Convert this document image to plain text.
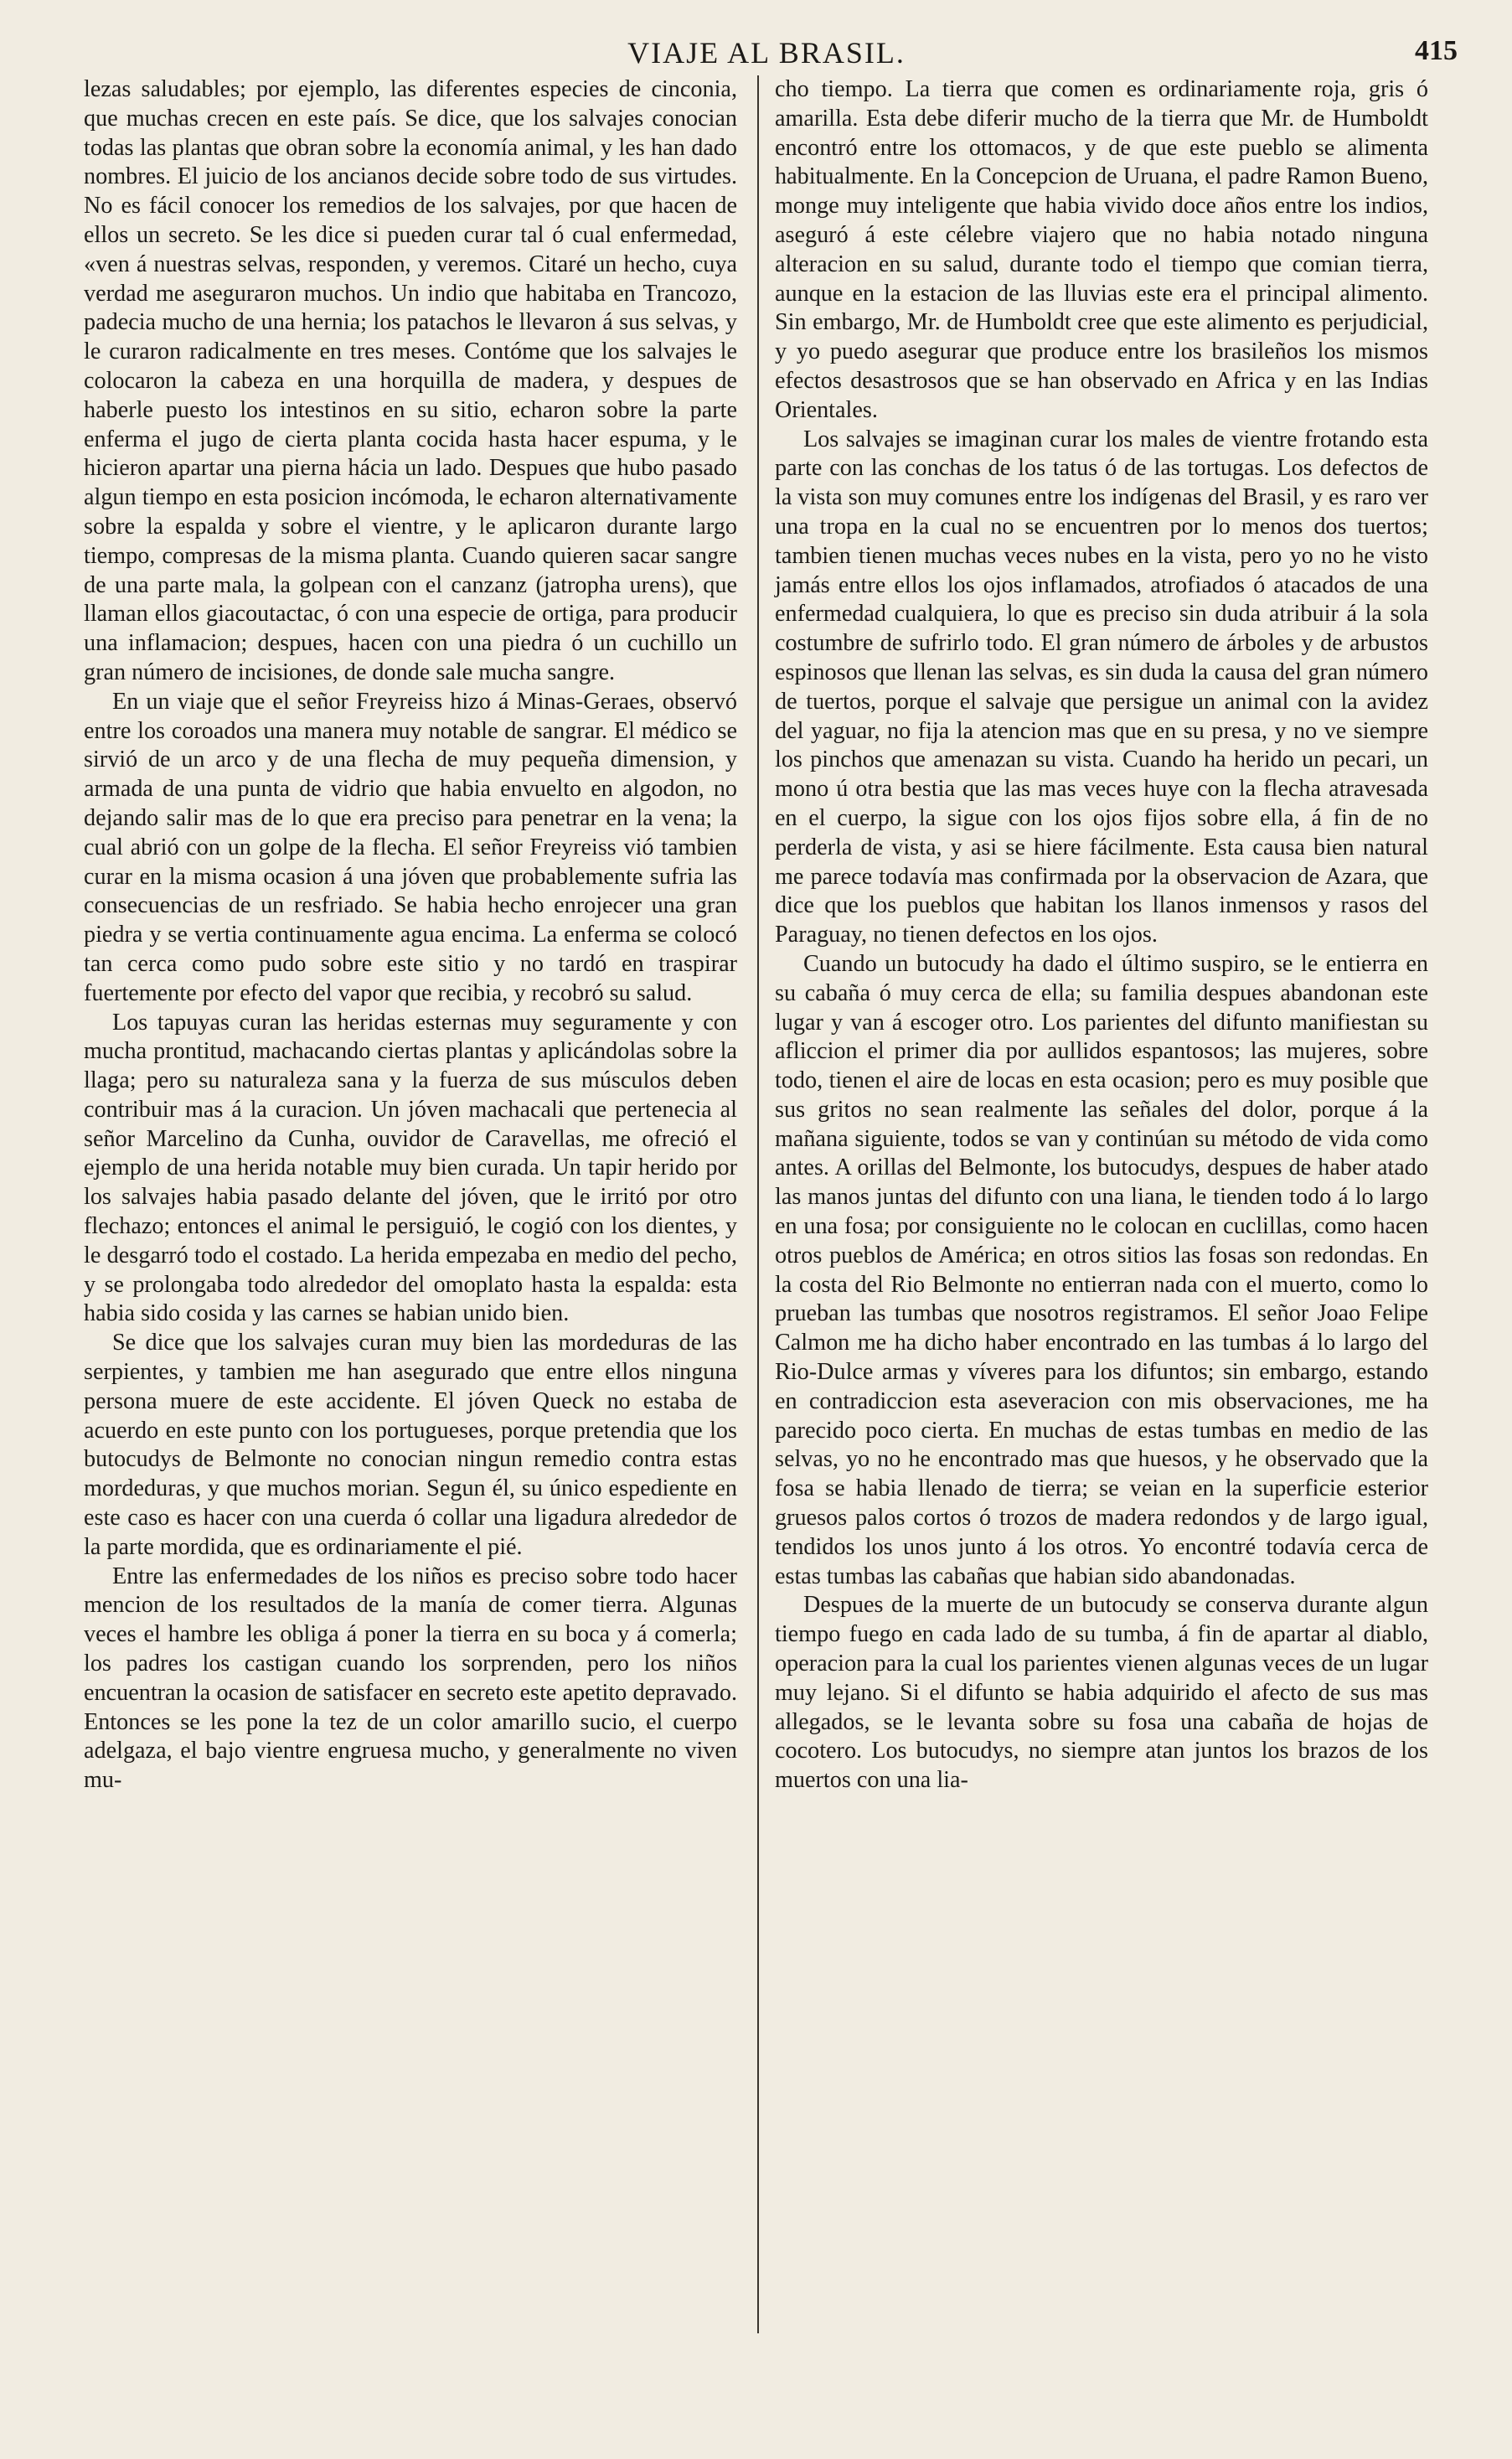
VIAJE AL BRASIL.	415

lezas saludables; por ejemplo, las diferentes especies de cinconia, que muchas crecen en este país. Se dice, que los salvajes conocian todas las plantas que obran sobre la economía animal, y les han dado nombres. El juicio de los ancianos decide sobre todo de sus virtudes. No es fácil conocer los remedios de los salvajes, por que hacen de ellos un secreto. Se les dice si pueden curar tal ó cual enfermedad, «ven á nuestras selvas, responden, y veremos. Citaré un hecho, cuya verdad me aseguraron muchos. Un indio que habitaba en Trancozo, padecia mucho de una hernia; los patachos le llevaron á sus selvas, y le curaron radicalmente en tres meses. Contóme que los salvajes le colocaron la cabeza en una horquilla de madera, y despues de haberle puesto los intestinos en su sitio, echaron sobre la parte enferma el jugo de cierta planta cocida hasta hacer espuma, y le hicieron apartar una pierna hácia un lado. Despues que hubo pasado algun tiempo en esta posicion incómoda, le echaron alternativamente sobre la espalda y sobre el vientre, y le aplicaron durante largo tiempo, compresas de la misma planta. Cuando quieren sacar sangre de una parte mala, la golpean con el canzanz (jatropha urens), que llaman ellos giacoutactac, ó con una especie de ortiga, para producir una inflamacion; despues, hacen con una piedra ó un cuchillo un gran número de incisiones, de donde sale mucha sangre.

En un viaje que el señor Freyreiss hizo á Minas-Geraes, observó entre los coroados una manera muy notable de sangrar. El médico se sirvió de un arco y de una flecha de muy pequeña dimension, y armada de una punta de vidrio que habia envuelto en algodon, no dejando salir mas de lo que era preciso para penetrar en la vena; la cual abrió con un golpe de la flecha. El señor Freyreiss vió tambien curar en la misma ocasion á una jóven que probablemente sufria las consecuencias de un resfriado. Se habia hecho enrojecer una gran piedra y se vertia continuamente agua encima. La enferma se colocó tan cerca como pudo sobre este sitio y no tardó en traspirar fuertemente por efecto del vapor que recibia, y recobró su salud.

Los tapuyas curan las heridas esternas muy seguramente y con mucha prontitud, machacando ciertas plantas y aplicándolas sobre la llaga; pero su naturaleza sana y la fuerza de sus músculos deben contribuir mas á la curacion. Un jóven machacali que pertenecia al señor Marcelino da Cunha, ouvidor de Caravellas, me ofreció el ejemplo de una herida notable muy bien curada. Un tapir herido por los salvajes habia pasado delante del jóven, que le irritó por otro flechazo; entonces el animal le persiguió, le cogió con los dientes, y le desgarró todo el costado. La herida empezaba en medio del pecho, y se prolongaba todo alrededor del omoplato hasta la espalda: esta habia sido cosida y las carnes se habian unido bien.

Se dice que los salvajes curan muy bien las mordeduras de las serpientes, y tambien me han asegurado que entre ellos ninguna persona muere de este accidente. El jóven Queck no estaba de acuerdo en este punto con los portugueses, porque pretendia que los butocudys de Belmonte no conocian ningun remedio contra estas mordeduras, y que muchos morian. Segun él, su único espediente en este caso es hacer con una cuerda ó collar una ligadura alrededor de la parte mordida, que es ordinariamente el pié.

Entre las enfermedades de los niños es preciso sobre todo hacer mencion de los resultados de la manía de comer tierra. Algunas veces el hambre les obliga á poner la tierra en su boca y á comerla; los padres los castigan cuando los sorprenden, pero los niños encuentran la ocasion de satisfacer en secreto este apetito depravado. Entonces se les pone la tez de un color amarillo sucio, el cuerpo adelgaza, el bajo vientre engruesa mucho, y generalmente no viven mu-

cho tiempo. La tierra que comen es ordinariamente roja, gris ó amarilla. Esta debe diferir mucho de la tierra que Mr. de Humboldt encontró entre los ottomacos, y de que este pueblo se alimenta habitualmente. En la Concepcion de Uruana, el padre Ramon Bueno, monge muy inteligente que habia vivido doce años entre los indios, aseguró á este célebre viajero que no habia notado ninguna alteracion en su salud, durante todo el tiempo que comian tierra, aunque en la estacion de las lluvias este era el principal alimento. Sin embargo, Mr. de Humboldt cree que este alimento es perjudicial, y yo puedo asegurar que produce entre los brasileños los mismos efectos desastrosos que se han observado en Africa y en las Indias Orientales.

Los salvajes se imaginan curar los males de vientre frotando esta parte con las conchas de los tatus ó de las tortugas. Los defectos de la vista son muy comunes entre los indígenas del Brasil, y es raro ver una tropa en la cual no se encuentren por lo menos dos tuertos; tambien tienen muchas veces nubes en la vista, pero yo no he visto jamás entre ellos los ojos inflamados, atrofiados ó atacados de una enfermedad cualquiera, lo que es preciso sin duda atribuir á la sola costumbre de sufrirlo todo. El gran número de árboles y de arbustos espinosos que llenan las selvas, es sin duda la causa del gran número de tuertos, porque el salvaje que persigue un animal con la avidez del yaguar, no fija la atencion mas que en su presa, y no ve siempre los pinchos que amenazan su vista. Cuando ha herido un pecari, un mono ú otra bestia que las mas veces huye con la flecha atravesada en el cuerpo, la sigue con los ojos fijos sobre ella, á fin de no perderla de vista, y asi se hiere fácilmente. Esta causa bien natural me parece todavía mas confirmada por la observacion de Azara, que dice que los pueblos que habitan los llanos inmensos y rasos del Paraguay, no tienen defectos en los ojos.

Cuando un butocudy ha dado el último suspiro, se le entierra en su cabaña ó muy cerca de ella; su familia despues abandonan este lugar y van á escoger otro. Los parientes del difunto manifiestan su afliccion el primer dia por aullidos espantosos; las mujeres, sobre todo, tienen el aire de locas en esta ocasion; pero es muy posible que sus gritos no sean realmente las señales del dolor, porque á la mañana siguiente, todos se van y continúan su método de vida como antes. A orillas del Belmonte, los butocudys, despues de haber atado las manos juntas del difunto con una liana, le tienden todo á lo largo en una fosa; por consiguiente no le colocan en cuclillas, como hacen otros pueblos de América; en otros sitios las fosas son redondas. En la costa del Rio Belmonte no entierran nada con el muerto, como lo prueban las tumbas que nosotros registramos. El señor Joao Felipe Calmon me ha dicho haber encontrado en las tumbas á lo largo del Rio-Dulce armas y víveres para los difuntos; sin embargo, estando en contradiccion esta aseveracion con mis observaciones, me ha parecido poco cierta. En muchas de estas tumbas en medio de las selvas, yo no he encontrado mas que huesos, y he observado que la fosa se habia llenado de tierra; se veian en la superficie esterior gruesos palos cortos ó trozos de madera redondos y de largo igual, tendidos los unos junto á los otros. Yo encontré todavía cerca de estas tumbas las cabañas que habian sido abandonadas.

Despues de la muerte de un butocudy se conserva durante algun tiempo fuego en cada lado de su tumba, á fin de apartar al diablo, operacion para la cual los parientes vienen algunas veces de un lugar muy lejano. Si el difunto se habia adquirido el afecto de sus mas allegados, se le levanta sobre su fosa una cabaña de hojas de cocotero. Los butocudys, no siempre atan juntos los brazos de los muertos con una lia-
